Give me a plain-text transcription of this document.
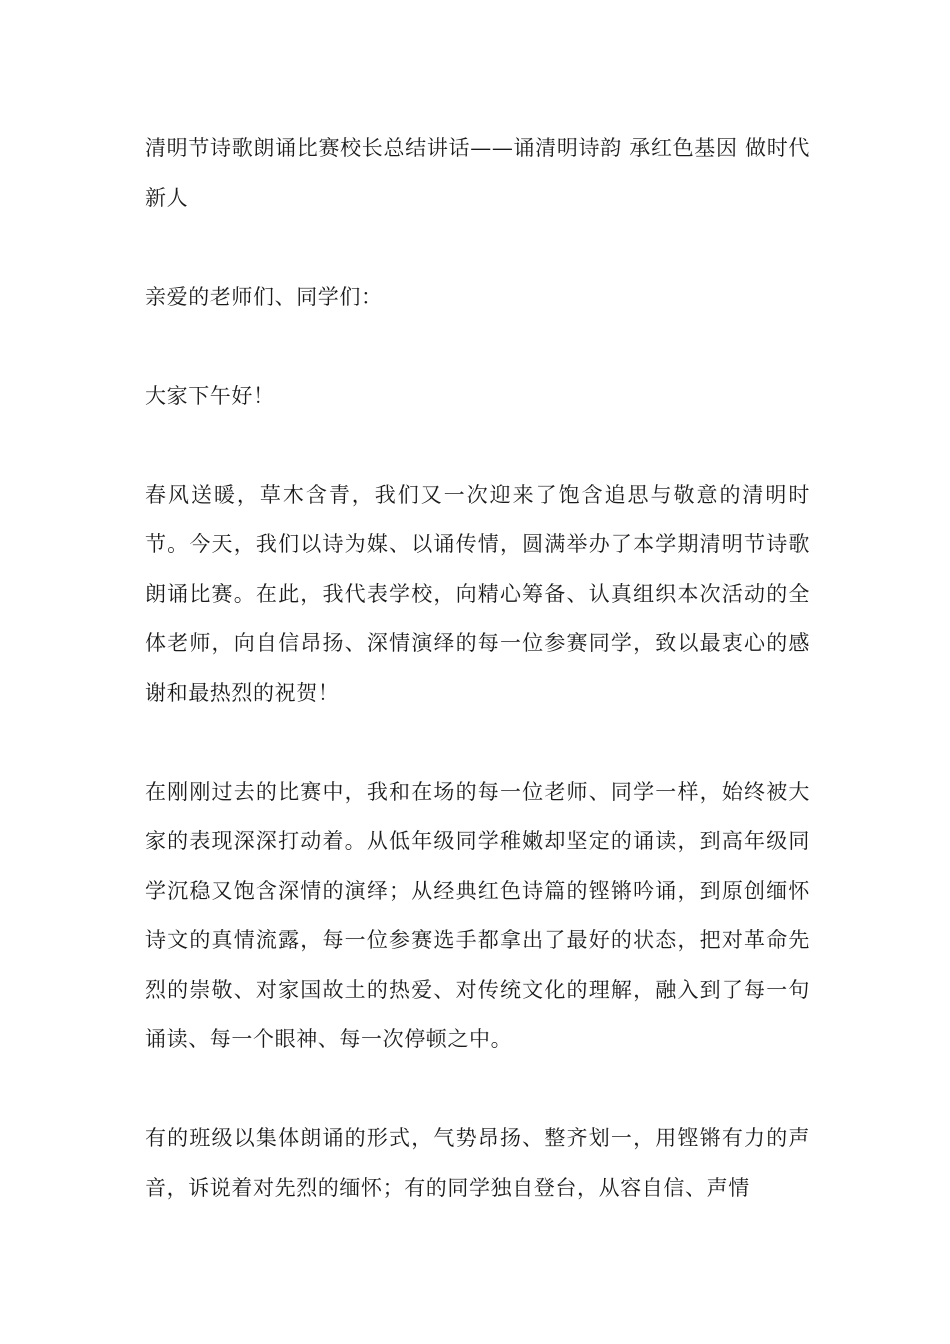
清明节诗歌朗诵比赛校长总结讲话——诵清明诗韵 承红色基因 做时代新人

亲爱的老师们、同学们：

大家下午好！

春风送暖，草木含青，我们又一次迎来了饱含追思与敬意的清明时节。今天，我们以诗为媒、以诵传情，圆满举办了本学期清明节诗歌朗诵比赛。在此，我代表学校，向精心筹备、认真组织本次活动的全体老师，向自信昂扬、深情演绎的每一位参赛同学，致以最衷心的感谢和最热烈的祝贺！

在刚刚过去的比赛中，我和在场的每一位老师、同学一样，始终被大家的表现深深打动着。从低年级同学稚嫩却坚定的诵读，到高年级同学沉稳又饱含深情的演绎；从经典红色诗篇的铿锵吟诵，到原创缅怀诗文的真情流露，每一位参赛选手都拿出了最好的状态，把对革命先烈的崇敬、对家国故土的热爱、对传统文化的理解，融入到了每一句诵读、每一个眼神、每一次停顿之中。

有的班级以集体朗诵的形式，气势昂扬、整齐划一，用铿锵有力的声音，诉说着对先烈的缅怀；有的同学独自登台，从容自信、声情
